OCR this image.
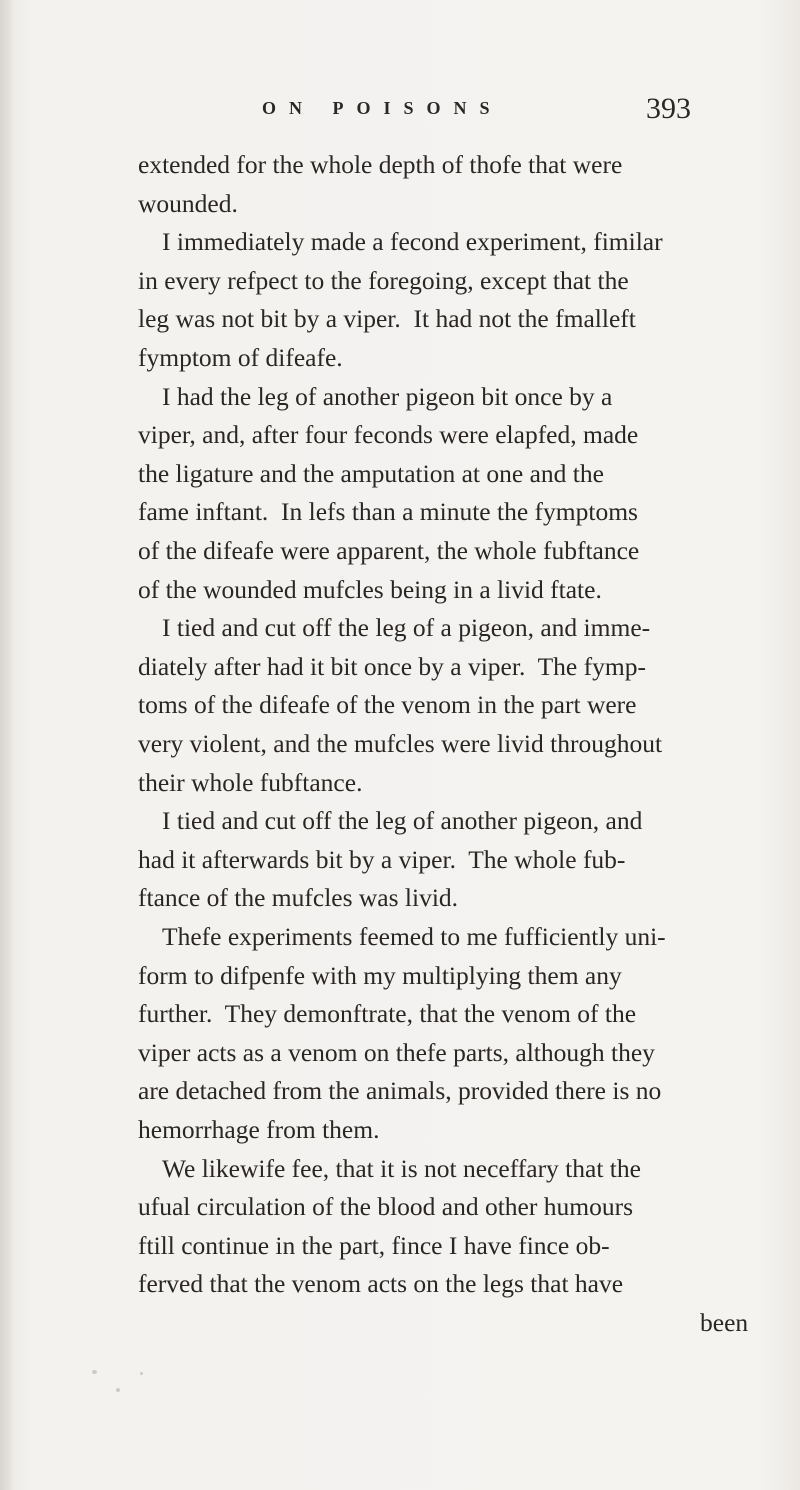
ON POISONS	393
extended for the whole depth of thofe that were
wounded.
I immediately made a fecond experiment, fimilar
in every refpect to the foregoing, except that the
leg was not bit by a viper.  It had not the fmalleft
fymptom of difeafe.
I had the leg of another pigeon bit once by a
viper, and, after four feconds were elapfed, made
the ligature and the amputation at one and the
fame inftant.  In lefs than a minute the fymptoms
of the difeafe were apparent, the whole fubftance
of the wounded mufcles being in a livid ftate.
I tied and cut off the leg of a pigeon, and imme-
diately after had it bit once by a viper.  The fymp-
toms of the difeafe of the venom in the part were
very violent, and the mufcles were livid throughout
their whole fubftance.
I tied and cut off the leg of another pigeon, and
had it afterwards bit by a viper.  The whole fub-
ftance of the mufcles was livid.
Thefe experiments feemed to me fufficiently uni-
form to difpenfe with my multiplying them any
further.  They demonftrate, that the venom of the
viper acts as a venom on thefe parts, although they
are detached from the animals, provided there is no
hemorrhage from them.
We likewife fee, that it is not neceffary that the
ufual circulation of the blood and other humours
ftill continue in the part, fince I have fince ob-
ferved that the venom acts on the legs that have
been
